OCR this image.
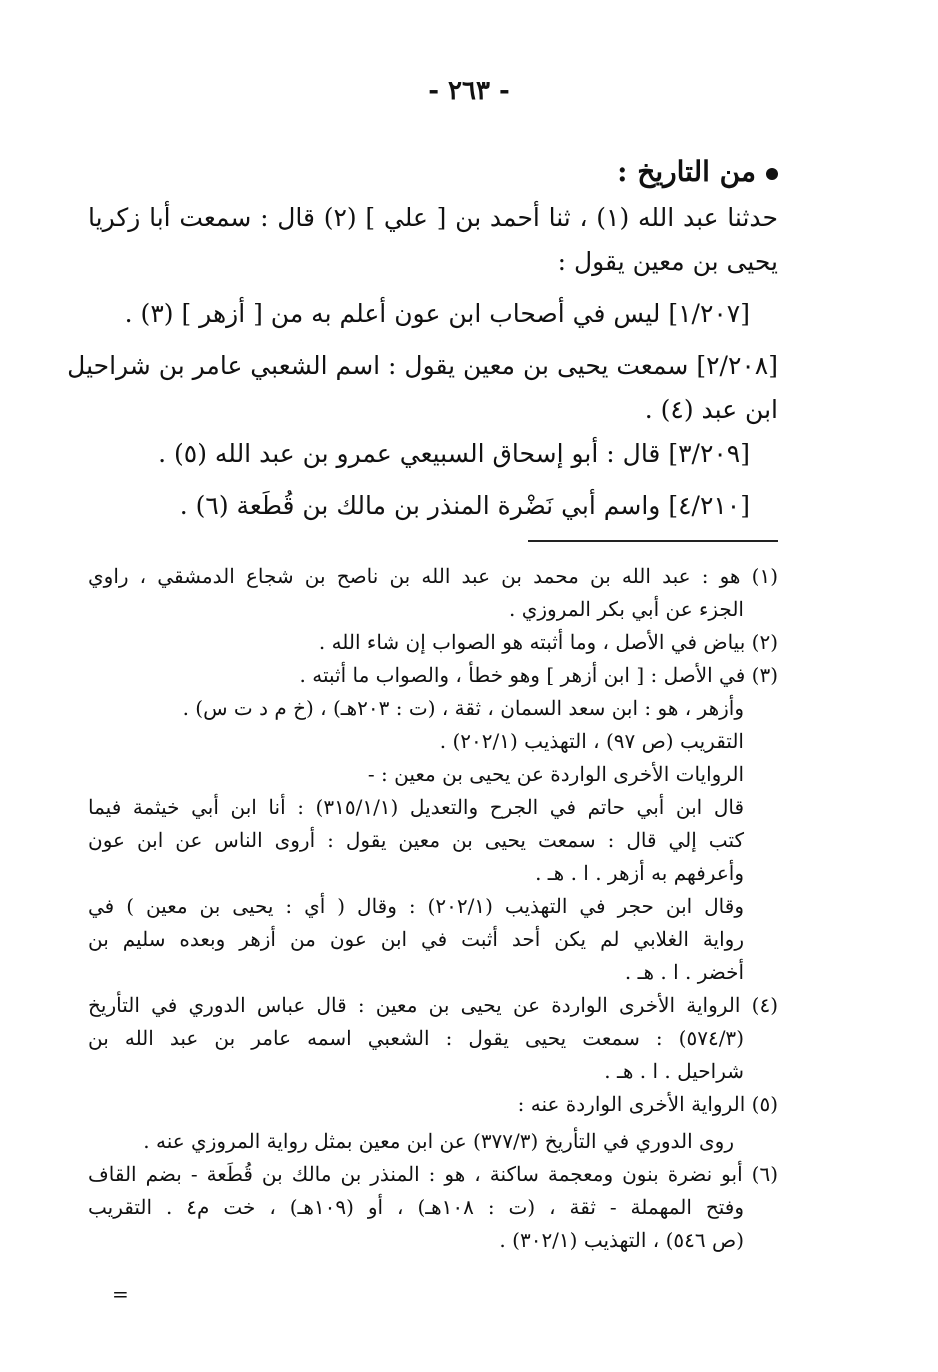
- ٢٦٣ -
من التاريخ :
حدثنا عبد الله (١) ، ثنا أحمد بن [ علي ] (٢) قال : سمعت أبا زكريا
يحيى بن معين يقول :
[١/٢٠٧] ليس في أصحاب ابن عون أعلم به من [ أزهر ] (٣) .
[٢/٢٠٨] سمعت يحيى بن معين يقول : اسم الشعبي عامر بن شراحيل
ابن عبد (٤) .
[٣/٢٠٩] قال : أبو إسحاق السبيعي عمرو بن عبد الله (٥) .
[٤/٢١٠] واسم أبي نَضْرة المنذر بن مالك بن قُطَعة (٦) .
(١) هو : عبد الله بن محمد بن عبد الله بن ناصح بن شجاع الدمشقي ، راوي
الجزء عن أبي بكر المروزي .
(٢) بياض في الأصل ، وما أثبته هو الصواب إن شاء الله .
(٣) في الأصل : [ ابن أزهر ] وهو خطأ ، والصواب ما أثبته .
وأزهر ، هو : ابن سعد السمان ، ثقة ، (ت : ٢٠٣هـ) ، (خ م د ت س) .
التقريب (ص ٩٧) ، التهذيب (٢٠٢/١) .
الروايات الأخرى الواردة عن يحيى بن معين : -
قال ابن أبي حاتم في الجرح والتعديل (٣١٥/١/١) : أنا ابن أبي خيثمة فيما
كتب إلي قال : سمعت يحيى بن معين يقول : أروى الناس عن ابن عون
وأعرفهم به أزهر . ا . هـ .
وقال ابن حجر في التهذيب (٢٠٢/١) : وقال ( أي : يحيى بن معين ) في
رواية الغلابي لم يكن أحد أثبت في ابن عون من أزهر وبعده سليم بن
أخضر . ا . هـ .
(٤) الرواية الأخرى الواردة عن يحيى بن معين : قال عباس الدوري في التأريخ
(٥٧٤/٣) : سمعت يحيى يقول : الشعبي اسمه عامر بن عبد الله بن
شراحيل . ا . هـ .
(٥) الرواية الأخرى الواردة عنه :
روى الدوري في التأريخ (٣٧٧/٣) عن ابن معين بمثل رواية المروزي عنه .
(٦) أبو نضرة بنون ومعجمة ساكنة ، هو : المنذر بن مالك بن قُطَعة - بضم القاف
وفتح المهملة - ثقة ، (ت : ١٠٨هـ) ، أو (١٠٩هـ) ، خت م٤ . التقريب
(ص ٥٤٦) ، التهذيب (٣٠٢/١) .
=
